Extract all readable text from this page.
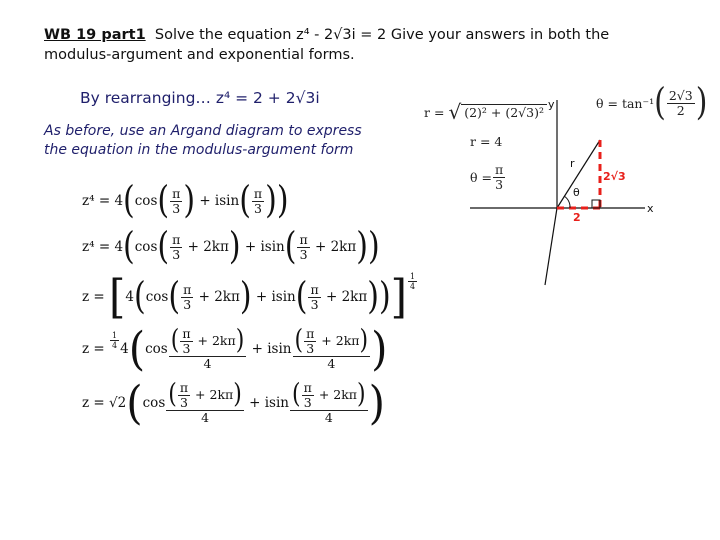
WB 19 part1 Solve the equation z⁴ - 2√3i = 2 Give your answers in both the
modulus-argument and exponential forms.
By rearranging… z⁴ = 2 + 2√3i
As before, use an Argand diagram to express
the equation in the modulus-argument form
r = √ (2)² + (2√3)²
θ = tan⁻¹ ( $\frac{2√3}{2}$ )
r = 4
$\theta = \frac{\pi}{3}$
y
x
r
θ
2
2√3
z⁴
=
4 ( cos ( $\frac{\pi}{3}$ )
+ isin ( $\frac{\pi}{3}$ ) )
z⁴
=
4 ( cos ( $\frac{\pi}{3}$
+ 2kπ )
+ isin ( $\frac{\pi}{3}$
+ 2kπ ) )
z
=
[ 4 ( cos ( $\frac{\pi}{3}$
+ 2kπ )
+ isin ( $\frac{\pi}{3}$
+ 2kπ ) ) ] $\frac{1}{4}$
z
=
$\frac{1}{4} 4$ ( cos ( $\frac{\pi}{3}$
+ 2kπ )
4
+ isin ( $\frac{\pi}{3}$
+ 2kπ )
4 )
z
=
√2 ( cos ( $\frac{\pi}{3}$
+ 2kπ )
4
+ isin ( $\frac{\pi}{3}$
+ 2kπ )
4 )
